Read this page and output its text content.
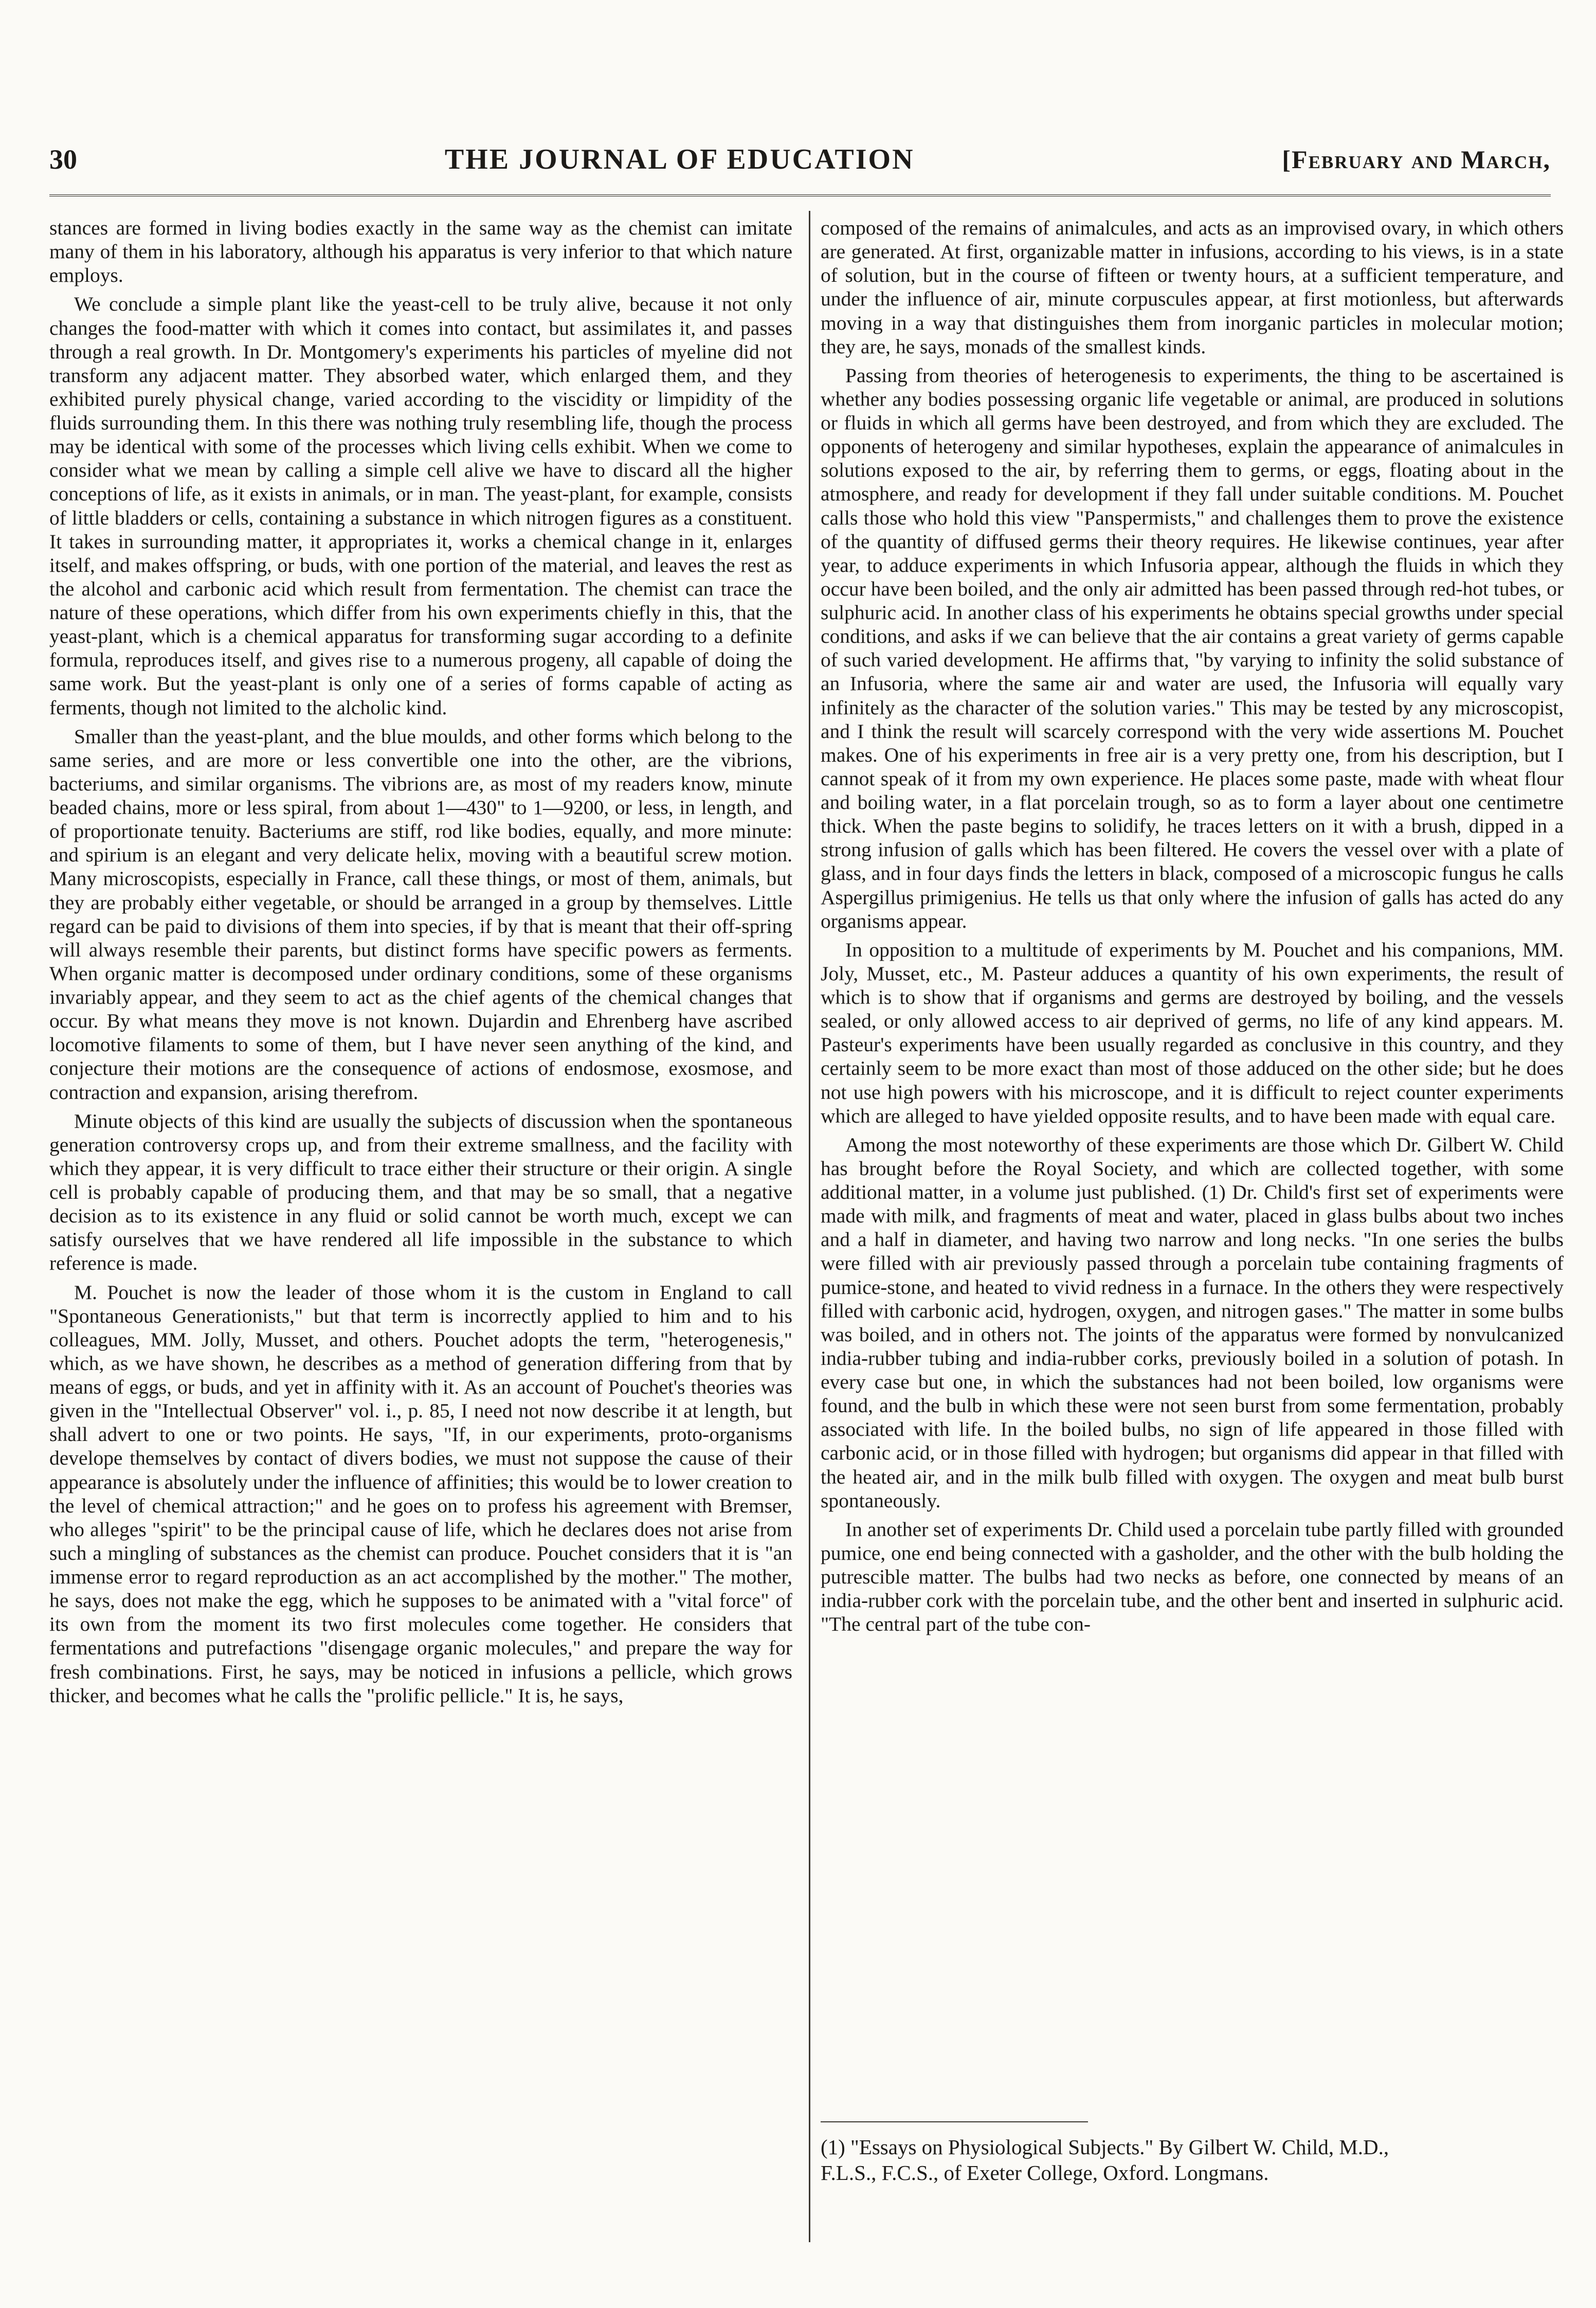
30	THE JOURNAL OF EDUCATION	[February and March,

stances are formed in living bodies exactly in the same way as the chemist can imitate many of them in his laboratory, although his apparatus is very inferior to that which nature employs.

We conclude a simple plant like the yeast-cell to be truly alive, because it not only changes the food-matter with which it comes into contact, but assimilates it, and passes through a real growth. In Dr. Montgomery's experiments his particles of myeline did not transform any adjacent matter. They absorbed water, which enlarged them, and they exhibited purely physical change, varied according to the viscidity or limpidity of the fluids surrounding them. In this there was nothing truly resembling life, though the process may be identical with some of the processes which living cells exhibit. When we come to consider what we mean by calling a simple cell alive we have to discard all the higher conceptions of life, as it exists in animals, or in man. The yeast-plant, for example, consists of little bladders or cells, containing a substance in which nitrogen figures as a constituent. It takes in surrounding matter, it appropriates it, works a chemical change in it, enlarges itself, and makes offspring, or buds, with one portion of the material, and leaves the rest as the alcohol and carbonic acid which result from fermentation. The chemist can trace the nature of these operations, which differ from his own experiments chiefly in this, that the yeast-plant, which is a chemical apparatus for transforming sugar according to a definite formula, reproduces itself, and gives rise to a numerous progeny, all capable of doing the same work. But the yeast-plant is only one of a series of forms capable of acting as ferments, though not limited to the alcholic kind.

Smaller than the yeast-plant, and the blue moulds, and other forms which belong to the same series, and are more or less convertible one into the other, are the vibrions, bacteriums, and similar organisms. The vibrions are, as most of my readers know, minute beaded chains, more or less spiral, from about 1—430" to 1—9200, or less, in length, and of proportionate tenuity. Bacteriums are stiff, rod like bodies, equally, and more minute: and spirium is an elegant and very delicate helix, moving with a beautiful screw motion. Many microscopists, especially in France, call these things, or most of them, animals, but they are probably either vegetable, or should be arranged in a group by themselves. Little regard can be paid to divisions of them into species, if by that is meant that their off-spring will always resemble their parents, but distinct forms have specific powers as ferments. When organic matter is decomposed under ordinary conditions, some of these organisms invariably appear, and they seem to act as the chief agents of the chemical changes that occur. By what means they move is not known. Dujardin and Ehrenberg have ascribed locomotive filaments to some of them, but I have never seen anything of the kind, and conjecture their motions are the consequence of actions of endosmose, exosmose, and contraction and expansion, arising therefrom.

Minute objects of this kind are usually the subjects of discussion when the spontaneous generation controversy crops up, and from their extreme smallness, and the facility with which they appear, it is very difficult to trace either their structure or their origin. A single cell is probably capable of producing them, and that may be so small, that a negative decision as to its existence in any fluid or solid cannot be worth much, except we can satisfy ourselves that we have rendered all life impossible in the substance to which reference is made.

M. Pouchet is now the leader of those whom it is the custom in England to call "Spontaneous Generationists," but that term is incorrectly applied to him and to his colleagues, MM. Jolly, Musset, and others. Pouchet adopts the term, "heterogenesis," which, as we have shown, he describes as a method of generation differing from that by means of eggs, or buds, and yet in affinity with it. As an account of Pouchet's theories was given in the "Intellectual Observer" vol. i., p. 85, I need not now describe it at length, but shall advert to one or two points. He says, "If, in our experiments, proto-organisms develope themselves by contact of divers bodies, we must not suppose the cause of their appearance is absolutely under the influence of affinities; this would be to lower creation to the level of chemical attraction;" and he goes on to profess his agreement with Bremser, who alleges "spirit" to be the principal cause of life, which he declares does not arise from such a mingling of substances as the chemist can produce. Pouchet considers that it is "an immense error to regard reproduction as an act accomplished by the mother." The mother, he says, does not make the egg, which he supposes to be animated with a "vital force" of its own from the moment its two first molecules come together. He considers that fermentations and putrefactions "disengage organic molecules," and prepare the way for fresh combinations. First, he says, may be noticed in infusions a pellicle, which grows thicker, and becomes what he calls the "prolific pellicle." It is, he says,

composed of the remains of animalcules, and acts as an improvised ovary, in which others are generated. At first, organizable matter in infusions, according to his views, is in a state of solution, but in the course of fifteen or twenty hours, at a sufficient temperature, and under the influence of air, minute corpuscules appear, at first motionless, but afterwards moving in a way that distinguishes them from inorganic particles in molecular motion; they are, he says, monads of the smallest kinds.

Passing from theories of heterogenesis to experiments, the thing to be ascertained is whether any bodies possessing organic life vegetable or animal, are produced in solutions or fluids in which all germs have been destroyed, and from which they are excluded. The opponents of heterogeny and similar hypotheses, explain the appearance of animalcules in solutions exposed to the air, by referring them to germs, or eggs, floating about in the atmosphere, and ready for development if they fall under suitable conditions. M. Pouchet calls those who hold this view "Panspermists," and challenges them to prove the existence of the quantity of diffused germs their theory requires. He likewise continues, year after year, to adduce experiments in which Infusoria appear, although the fluids in which they occur have been boiled, and the only air admitted has been passed through red-hot tubes, or sulphuric acid. In another class of his experiments he obtains special growths under special conditions, and asks if we can believe that the air contains a great variety of germs capable of such varied development. He affirms that, "by varying to infinity the solid substance of an Infusoria, where the same air and water are used, the Infusoria will equally vary infinitely as the character of the solution varies." This may be tested by any microscopist, and I think the result will scarcely correspond with the very wide assertions M. Pouchet makes. One of his experiments in free air is a very pretty one, from his description, but I cannot speak of it from my own experience. He places some paste, made with wheat flour and boiling water, in a flat porcelain trough, so as to form a layer about one centimetre thick. When the paste begins to solidify, he traces letters on it with a brush, dipped in a strong infusion of galls which has been filtered. He covers the vessel over with a plate of glass, and in four days finds the letters in black, composed of a microscopic fungus he calls Aspergillus primigenius. He tells us that only where the infusion of galls has acted do any organisms appear.

In opposition to a multitude of experiments by M. Pouchet and his companions, MM. Joly, Musset, etc., M. Pasteur adduces a quantity of his own experiments, the result of which is to show that if organisms and germs are destroyed by boiling, and the vessels sealed, or only allowed access to air deprived of germs, no life of any kind appears. M. Pasteur's experiments have been usually regarded as conclusive in this country, and they certainly seem to be more exact than most of those adduced on the other side; but he does not use high powers with his microscope, and it is difficult to reject counter experiments which are alleged to have yielded opposite results, and to have been made with equal care.

Among the most noteworthy of these experiments are those which Dr. Gilbert W. Child has brought before the Royal Society, and which are collected together, with some additional matter, in a volume just published. (1) Dr. Child's first set of experiments were made with milk, and fragments of meat and water, placed in glass bulbs about two inches and a half in diameter, and having two narrow and long necks. "In one series the bulbs were filled with air previously passed through a porcelain tube containing fragments of pumice-stone, and heated to vivid redness in a furnace. In the others they were respectively filled with carbonic acid, hydrogen, oxygen, and nitrogen gases." The matter in some bulbs was boiled, and in others not. The joints of the apparatus were formed by nonvulcanized india-rubber tubing and india-rubber corks, previously boiled in a solution of potash. In every case but one, in which the substances had not been boiled, low organisms were found, and the bulb in which these were not seen burst from some fermentation, probably associated with life. In the boiled bulbs, no sign of life appeared in those filled with carbonic acid, or in those filled with hydrogen; but organisms did appear in that filled with the heated air, and in the milk bulb filled with oxygen. The oxygen and meat bulb burst spontaneously.

In another set of experiments Dr. Child used a porcelain tube partly filled with grounded pumice, one end being connected with a gasholder, and the other with the bulb holding the putrescible matter. The bulbs had two necks as before, one connected by means of an india-rubber cork with the porcelain tube, and the other bent and inserted in sulphuric acid. "The central part of the tube con-

(1) "Essays on Physiological Subjects." By Gilbert W. Child, M.D.,
F.L.S., F.C.S., of Exeter College, Oxford. Longmans.
